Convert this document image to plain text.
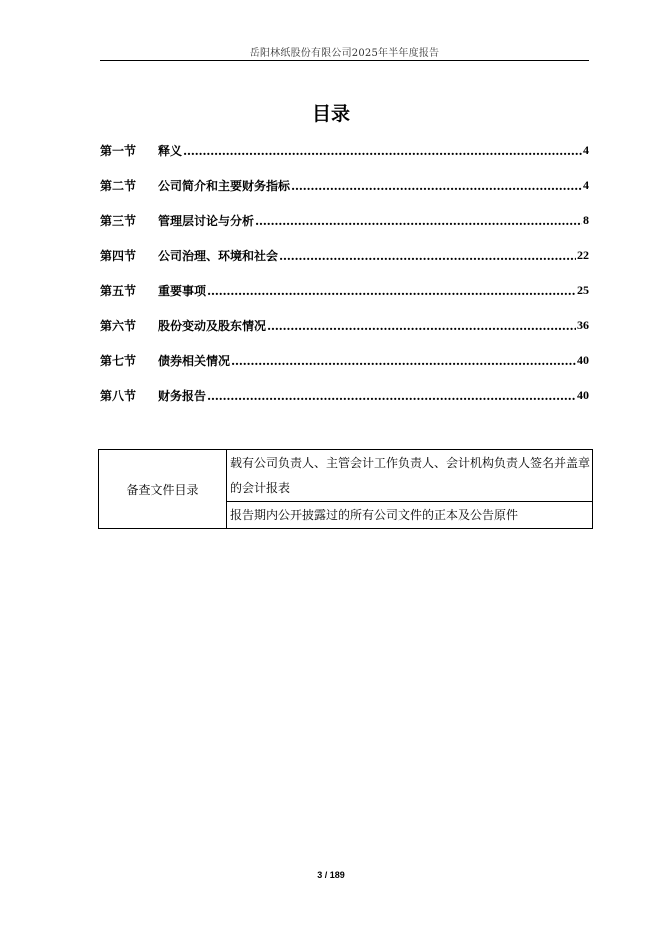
岳阳林纸股份有限公司2025年半年度报告
目录
第一节	释义 .....	4
第二节	公司简介和主要财务指标 .....	4
第三节	管理层讨论与分析 .....	8
第四节	公司治理、环境和社会 .....	22
第五节	重要事项 .....	25
第六节	股份变动及股东情况 .....	36
第七节	债券相关情况 .....	40
第八节	财务报告 .....	40
备查文件目录	载有公司负责人、主管会计工作负责人、会计机构负责人签名并盖章的会计报表
报告期内公开披露过的所有公司文件的正本及公告原件
3 / 189
